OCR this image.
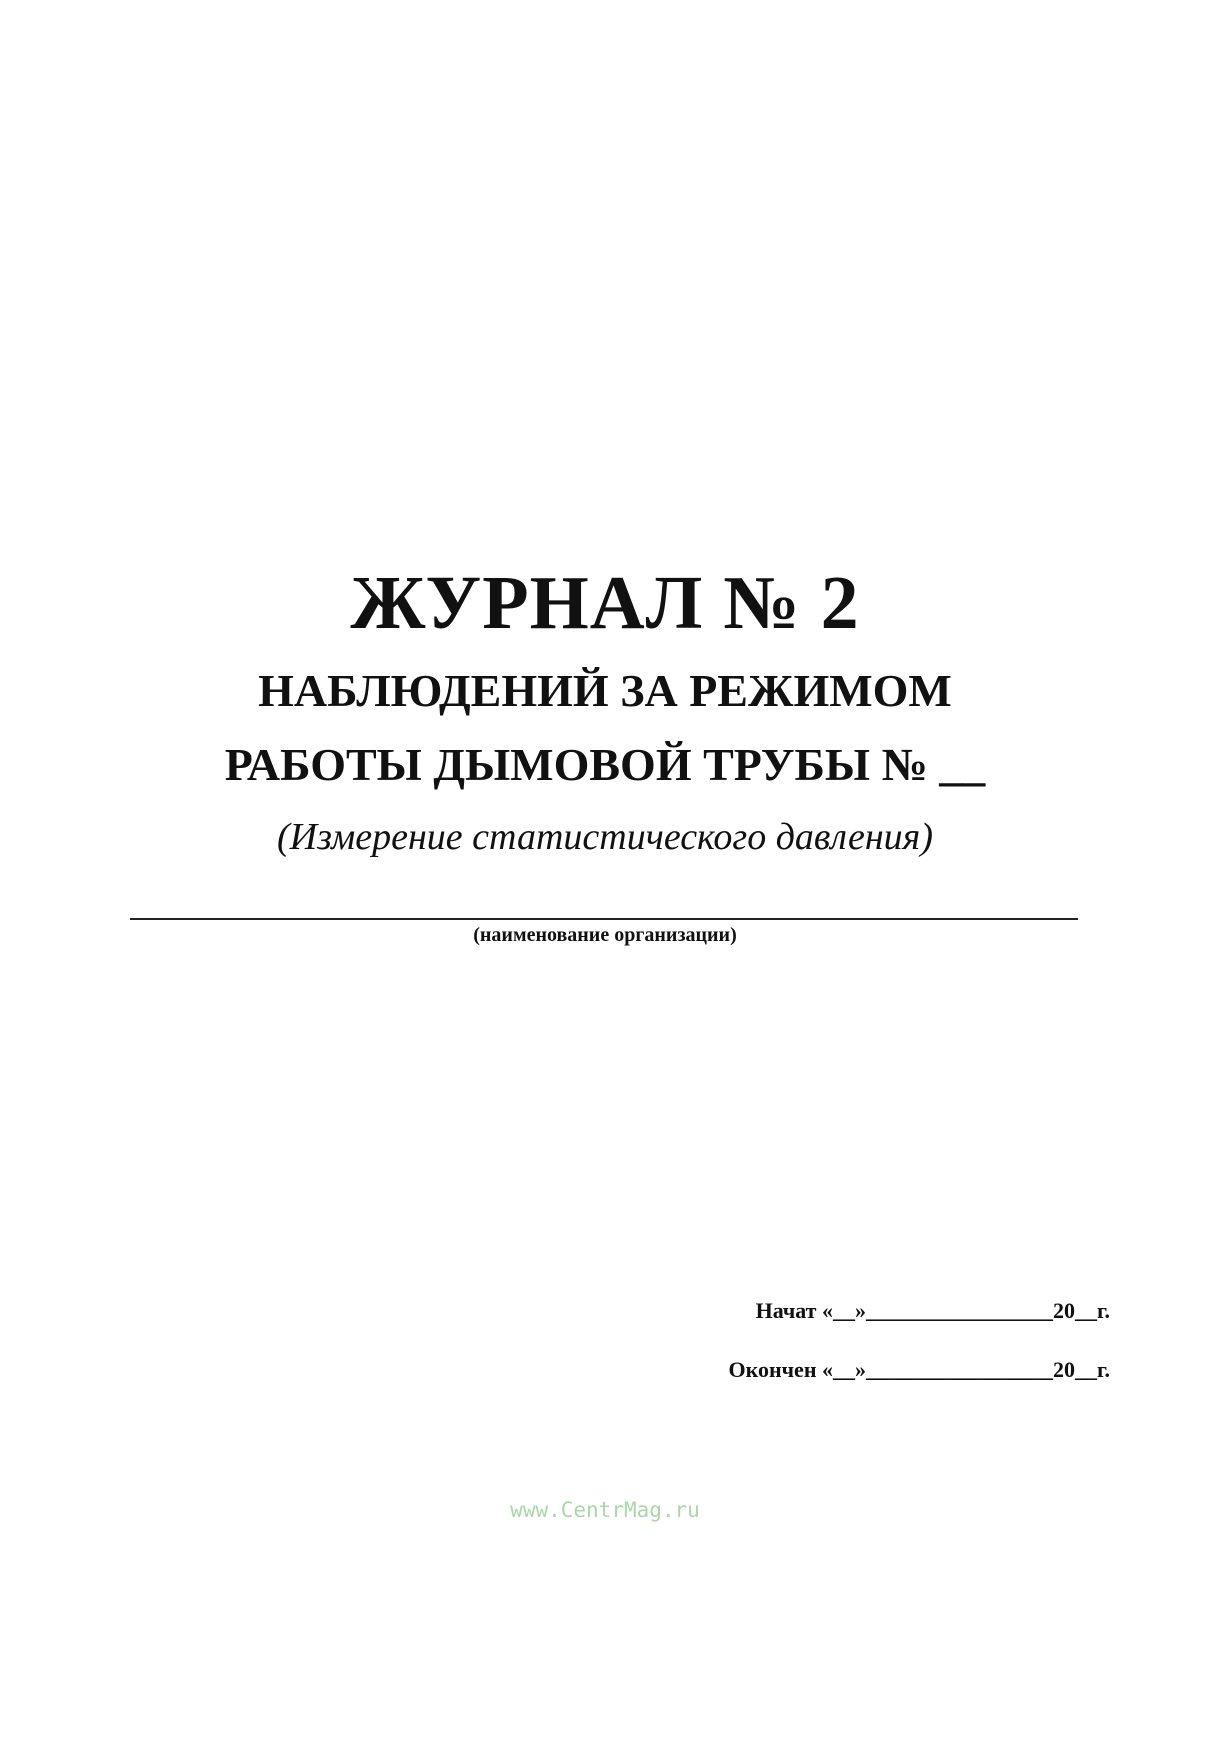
ЖУРНАЛ № 2
НАБЛЮДЕНИЙ ЗА РЕЖИМОМ
РАБОТЫ ДЫМОВОЙ ТРУБЫ № __
(Измерение статистического давления)
(наименование организации)
Начат «__»_________________20__г.
Окончен «__»_________________20__г.
www.CentrMag.ru
